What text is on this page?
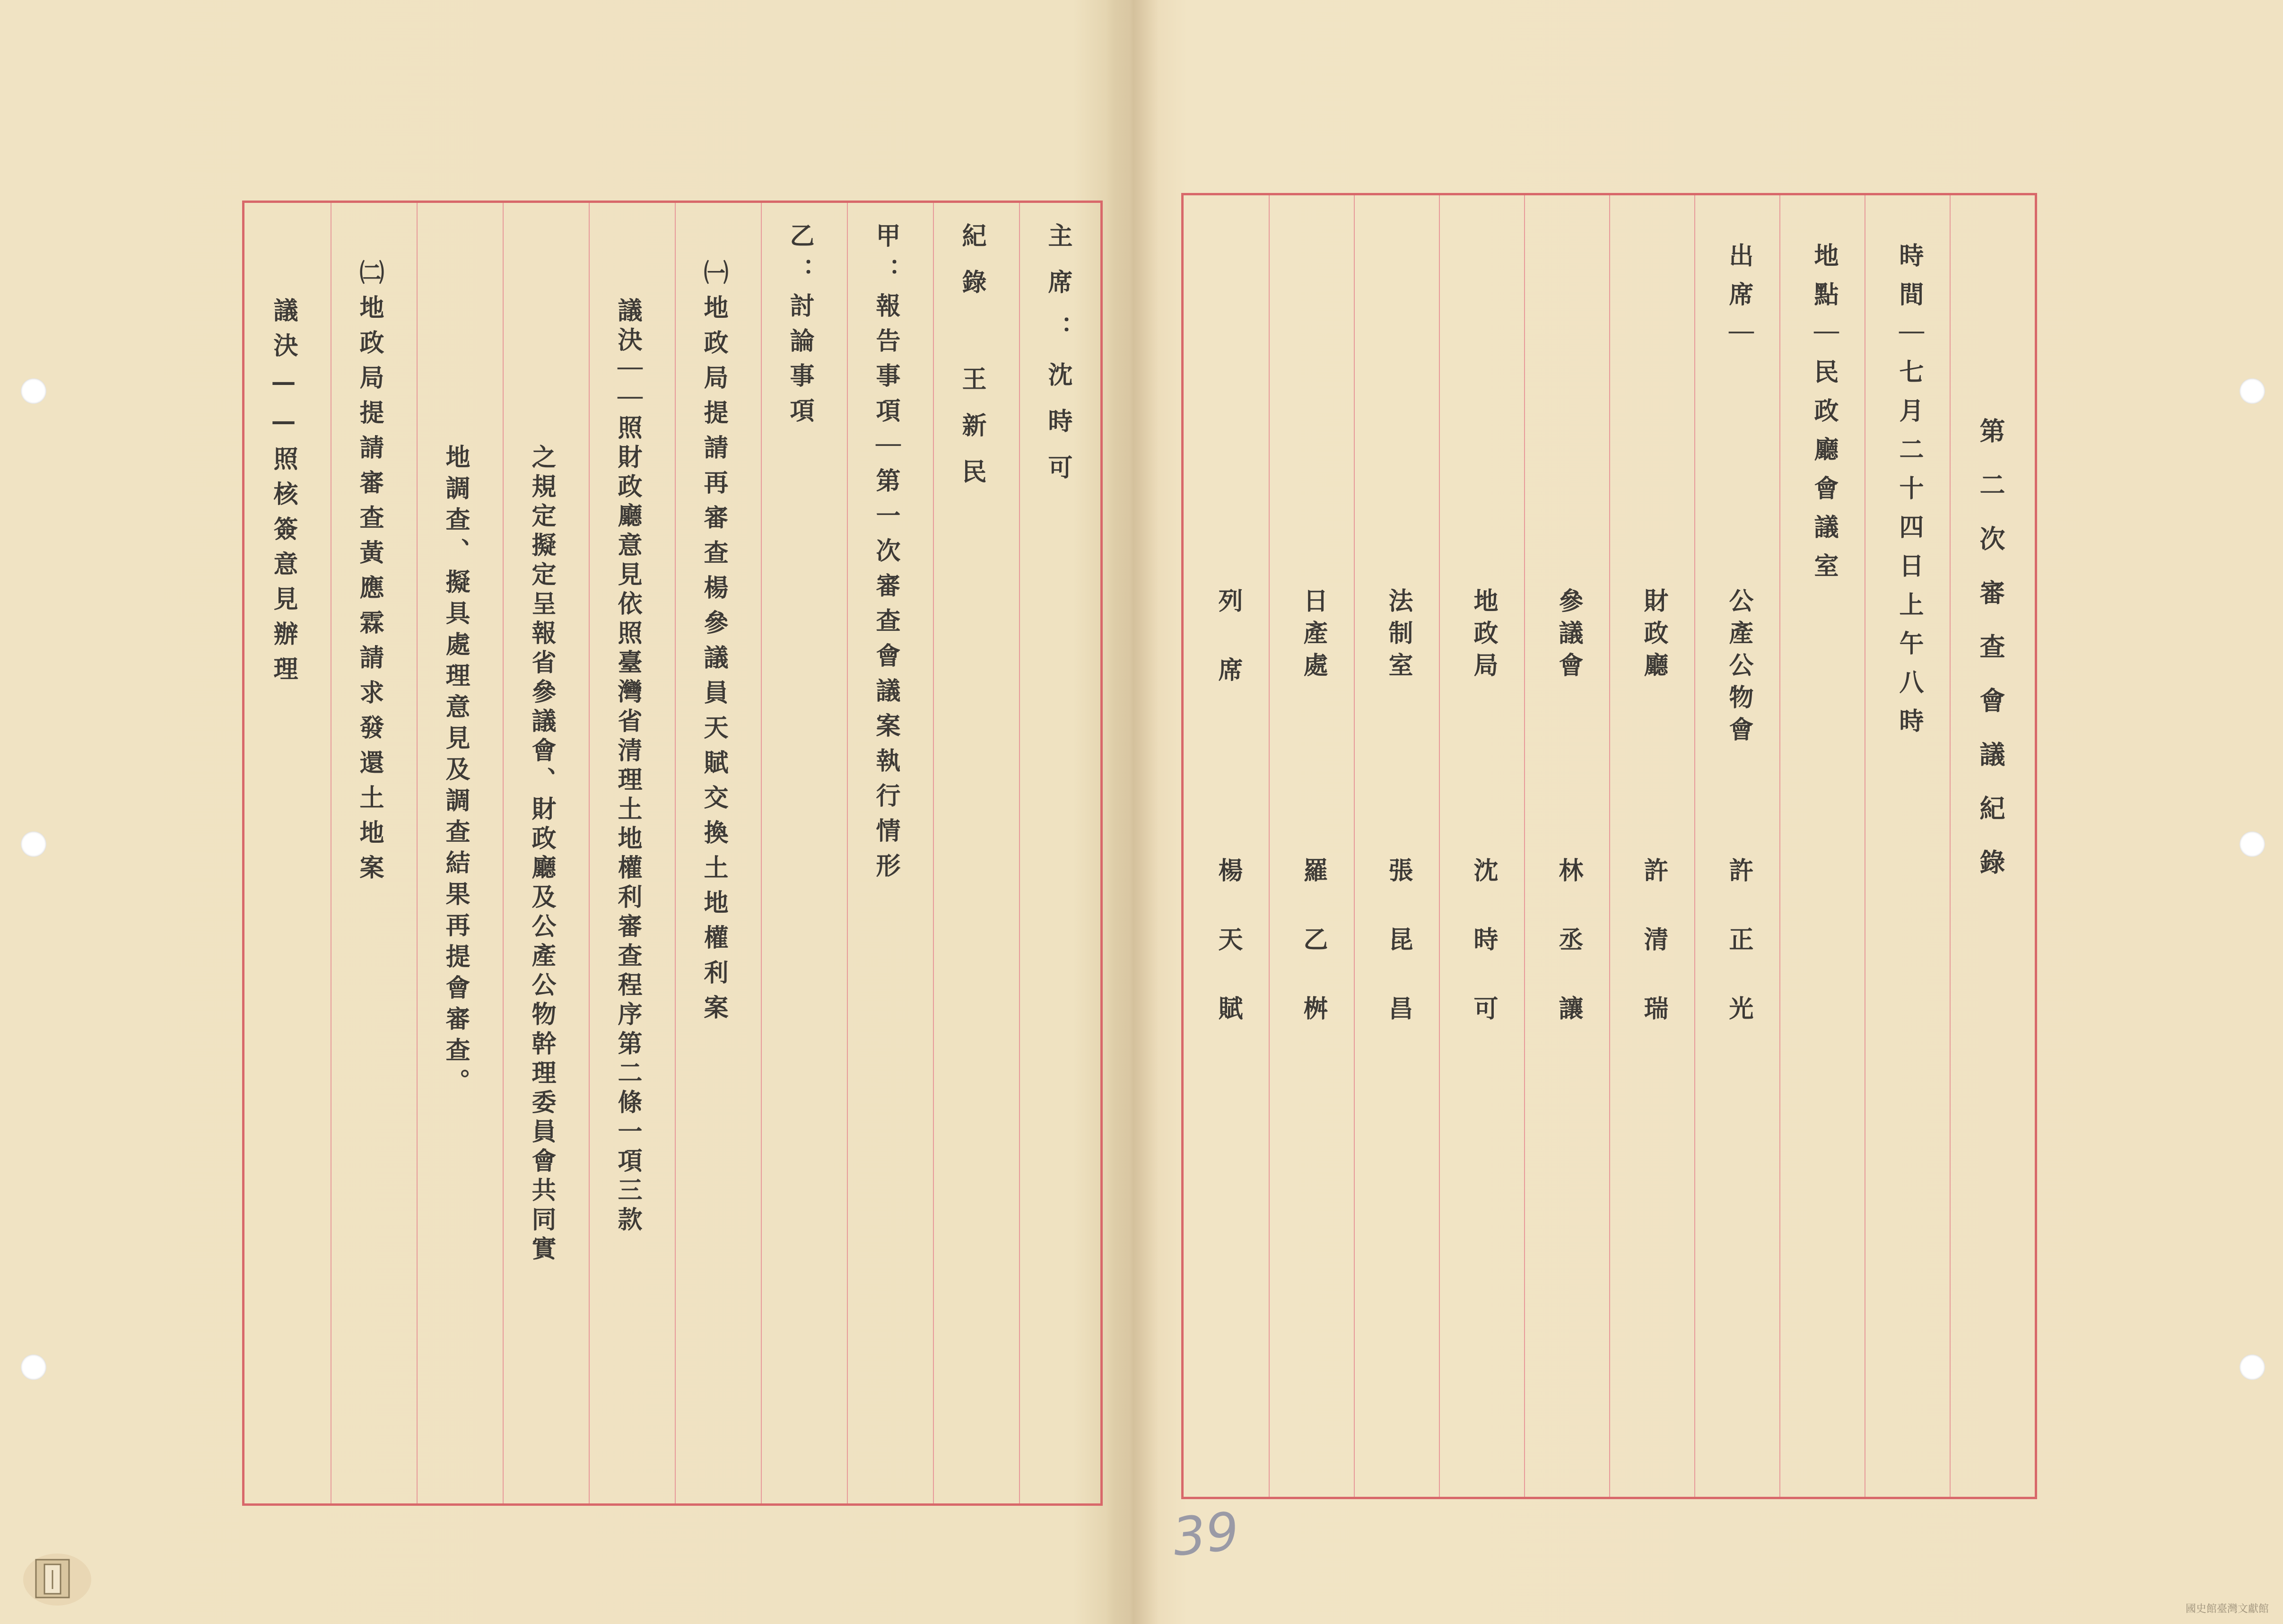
第二次審查會議紀錄
時間｜七月二十四日上午八時
地點｜民政廳會議室
出席｜
公產公物會
許正光
財政廳
許清瑞
參議會
林丞讓
地政局
沈時可
法制室
張昆昌
日產處
羅乙桝
列席
楊天賦
主席：沈時可
紀錄 王新民
甲：報告事項｜第一次審查會議案執行情形
乙：討論事項
㈠地政局提請再審查楊參議員天賦交換土地權利案
議決｜｜照財政廳意見依照臺灣省清理土地權利審查程序第二條一項三款
之規定擬定呈報省參議會、財政廳及公產公物幹理委員會共同實
地調查、擬具處理意見及調查結果再提會審查。
㈡地政局提請審查黃應霖請求發還土地案
議決——照核簽意見辦理
39
國史館臺灣文獻館
